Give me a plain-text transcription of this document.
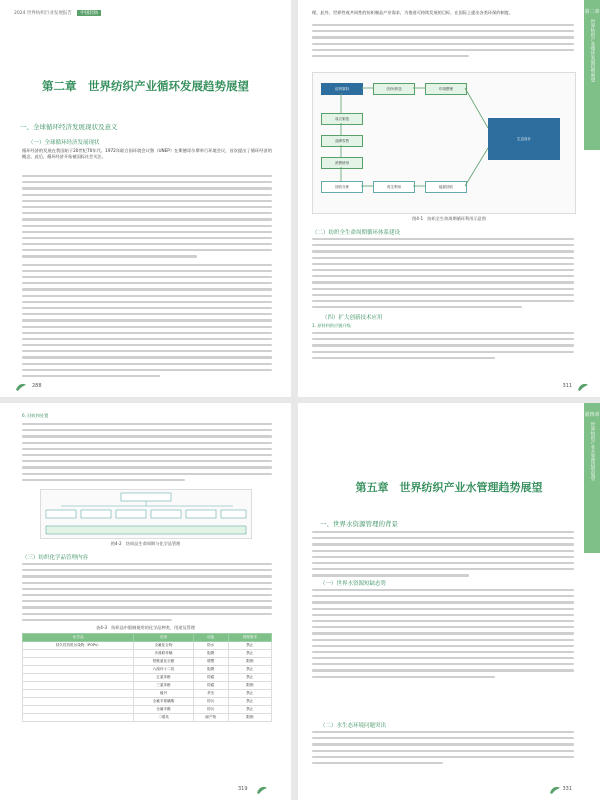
2024 世界纺织行业发展报告 中国轻纺
第二章　世界纺织产业循环发展趋势展望
一、全球循环经济发展现状及意义
（一）全球循环经济发展现状
循环经济的发展在我国始于20世纪70年代。1972年联合国环境会议暨（UNEP）在斯德哥尔摩举行环境会议，首次提出了循环经济的概念。此后，循环经济开始被国际社会关注。
288
第二章
世界纺织产业循环发展趋势展望
理，此外，世界性或共同性的纺织制品产业需求，为推进可持续发展的目标，在国际上提出各类环保约制度。
纺织原料	纺纱/织造	印染整理
成衣制造
品牌零售
消费使用
回收分拣	再生利用	能源回收
生态设计
图4-1　纺织全生命周期循环利用示意图
（二）纺织全生命周期循环体系建设
（四）扩大创新技术应用
1. 原材料供应链升级
311
6. 回收和处置
图4-2　纺织品生命周期与化学品管理
（三）纺织化学品管理内容
表4-3　纺织品中限制使用的化学品种类、用途及管理
化学品	类别	用途	管理要求
持久性有机污染物（POPs）	全氟化合物	防水	禁止
	多溴联苯醚	阻燃	禁止
	短链氯化石蜡	增塑	限制
	六溴环十二烷	阻燃	禁止
	五氯苯酚	防腐	禁止
	三氯苯酚	防腐	限制
	硫丹	杀虫	禁止
	全氟辛基磺酸	防污	禁止
	全氟辛酸	防污	禁止
	二噁英	副产物	限制
319
第四章
世界纺织产业水管理趋势展望
第五章　世界纺织产业水管理趋势展望
一、世界水资源管理的背景
（一）世界水资源短缺态势
（二）水生态环境问题突出
331
